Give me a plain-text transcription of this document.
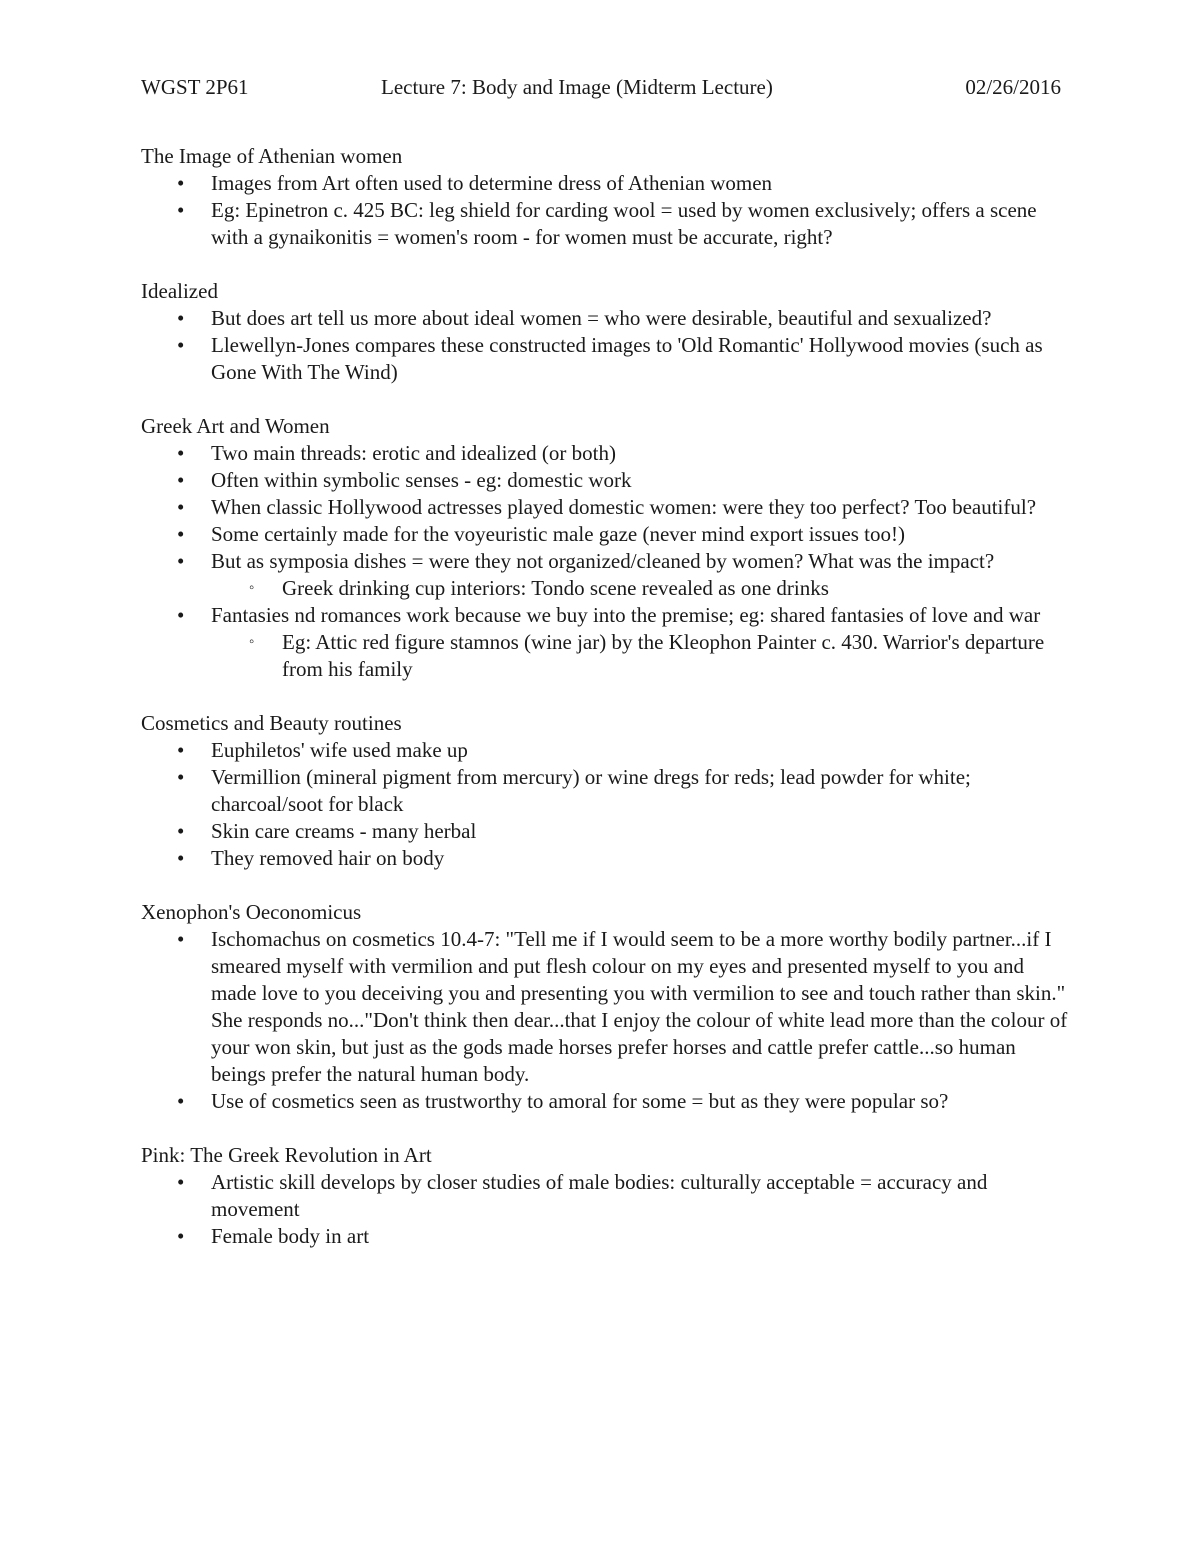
WGST 2P61	Lecture 7: Body and Image (Midterm Lecture)	02/26/2016
The Image of Athenian women
• Images from Art often used to determine dress of Athenian women
• Eg: Epinetron c. 425 BC: leg shield for carding wool = used by women exclusively; offers a scene with a gynaikonitis = women's room - for women must be accurate, right?
Idealized
• But does art tell us more about ideal women = who were desirable, beautiful and sexualized?
• Llewellyn-Jones compares these constructed images to 'Old Romantic' Hollywood movies (such as Gone With The Wind)
Greek Art and Women
• Two main threads: erotic and idealized (or both)
• Often within symbolic senses - eg: domestic work
• When classic Hollywood actresses played domestic women: were they too perfect? Too beautiful?
• Some certainly made for the voyeuristic male gaze (never mind export issues too!)
• But as symposia dishes = were they not organized/cleaned by women? What was the impact?
◦ Greek drinking cup interiors: Tondo scene revealed as one drinks
• Fantasies nd romances work because we buy into the premise; eg: shared fantasies of love and war
◦ Eg: Attic red figure stamnos (wine jar) by the Kleophon Painter c. 430. Warrior's departure from his family
Cosmetics and Beauty routines
• Euphiletos' wife used make up
• Vermillion (mineral pigment from mercury) or wine dregs for reds; lead powder for white; charcoal/soot for black
• Skin care creams - many herbal
• They removed hair on body
Xenophon's Oeconomicus
• Ischomachus on cosmetics 10.4-7: "Tell me if I would seem to be a more worthy bodily partner...if I smeared myself with vermilion and put flesh colour on my eyes and presented myself to you and made love to you deceiving you and presenting you with vermilion to see and touch rather than skin." She responds no..."Don't think then dear...that I enjoy the colour of white lead more than the colour of your won skin, but just as the gods made horses prefer horses and cattle prefer cattle...so human beings prefer the natural human body.
• Use of cosmetics seen as trustworthy to amoral for some = but as they were popular so?
Pink: The Greek Revolution in Art
• Artistic skill develops by closer studies of male bodies: culturally acceptable = accuracy and movement
• Female body in art
